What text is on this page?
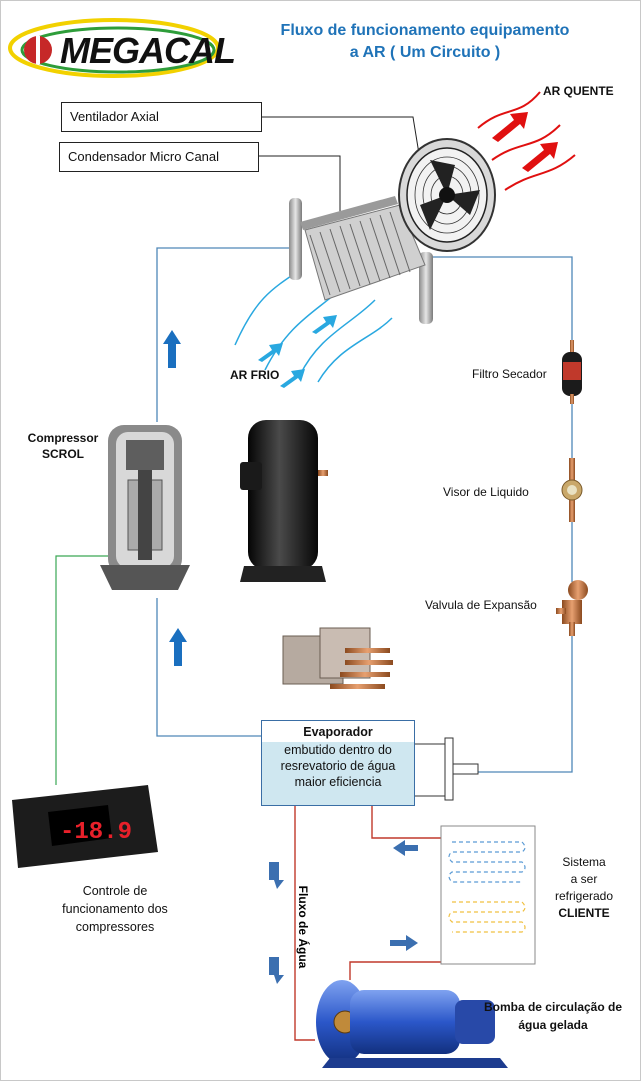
-18.9
MEGACAL	Fluxo de funcionamento equipamento
a AR ( Um Circuito )
Ventilador Axial
Condensador Micro Canal
AR QUENTE
AR FRIO	Filtro Secador
Visor de Liquido
Valvula de Expansão
Compressor
SCROL
Evaporador
embutido dentro do
resrevatorio de água
maior eficiencia
Controle de
funcionamento dos
compressores	Fluxo de Água
Sistema
a ser
refrigerado
CLIENTE
Bomba de circulação de
água gelada
